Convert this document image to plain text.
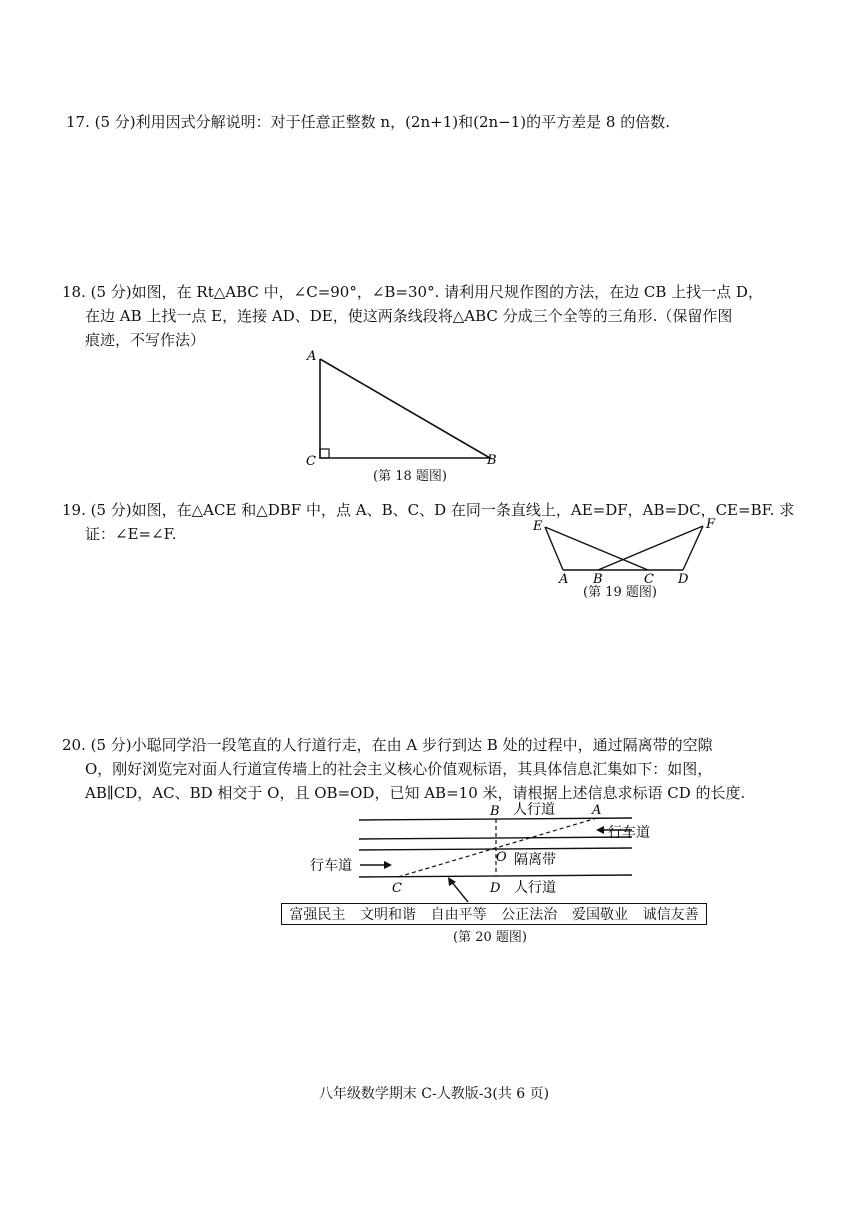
17. (5 分)利用因式分解说明：对于任意正整数 n，(2n+1)和(2n−1)的平方差是 8 的倍数.
18. (5 分)如图，在 Rt△ABC 中，∠C=90°，∠B=30°. 请利用尺规作图的方法，在边 CB 上找一点 D，
在边 AB 上找一点 E，连接 AD、DE，使这两条线段将△ABC 分成三个全等的三角形.（保留作图
痕迹，不写作法）
A
C	B
(第 18 题图)
19. (5 分)如图，在△ACE 和△DBF 中，点 A、B、C、D 在同一条直线上，AE=DF，AB=DC，CE=BF. 求
证：∠E=∠F.	E	F
A B	C D
(第 19 题图)
20. (5 分)小聪同学沿一段笔直的人行道行走，在由 A 步行到达 B 处的过程中，通过隔离带的空隙
O，刚好浏览完对面人行道宣传墙上的社会主义核心价值观标语，其具体信息汇集如下：如图，
AB∥CD，AC、BD 相交于 O，且 OB=OD，已知 AB=10 米，请根据上述信息求标语 CD 的长度.
B	A
O
C	D
人行道
行车道
行车道	隔离带
人行道
富强民主 文明和谐 自由平等 公正法治 爱国敬业 诚信友善
(第 20 题图)
八年级数学期末 C-人教版-3(共 6 页)
